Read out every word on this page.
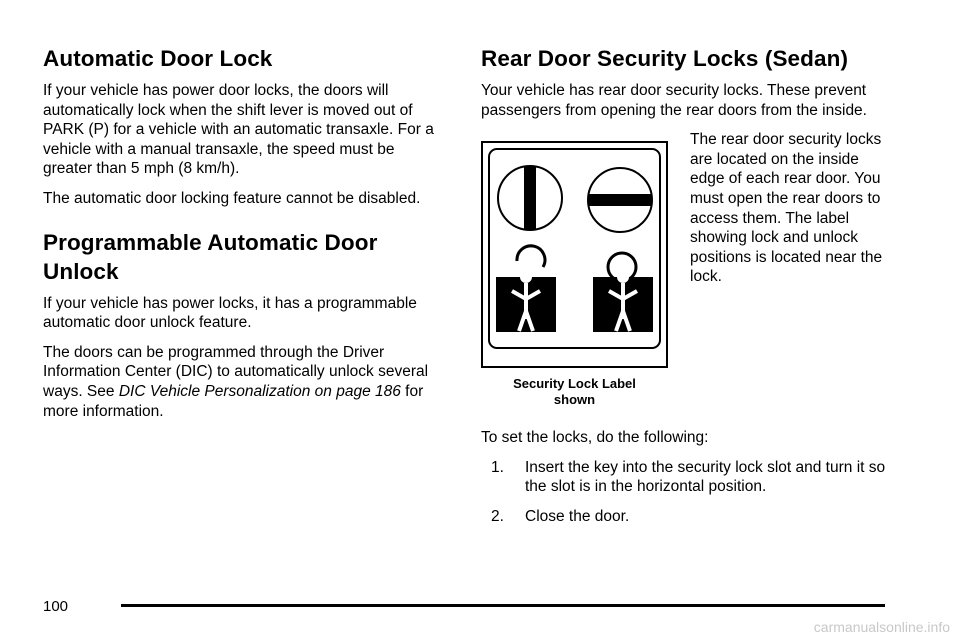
Automatic Door Lock

If your vehicle has power door locks, the doors will automatically lock when the shift lever is moved out of PARK (P) for a vehicle with an automatic transaxle. For a vehicle with a manual transaxle, the speed must be greater than 5 mph (8 km/h).

The automatic door locking feature cannot be disabled.

Programmable Automatic Door
Unlock

If your vehicle has power locks, it has a programmable automatic door unlock feature.

The doors can be programmed through the Driver Information Center (DIC) to automatically unlock several ways. See DIC Vehicle Personalization on page 186 for more information.

Rear Door Security Locks (Sedan)

Your vehicle has rear door security locks. These prevent passengers from opening the rear doors from the inside.

Security Lock Label
shown

The rear door security locks are located on the inside edge of each rear door. You must open the rear doors to access them. The label showing lock and unlock positions is located near the lock.

To set the locks, do the following:

1. Insert the key into the security lock slot and turn it so the slot is in the horizontal position.
2. Close the door.
100
carmanualsonline.info
